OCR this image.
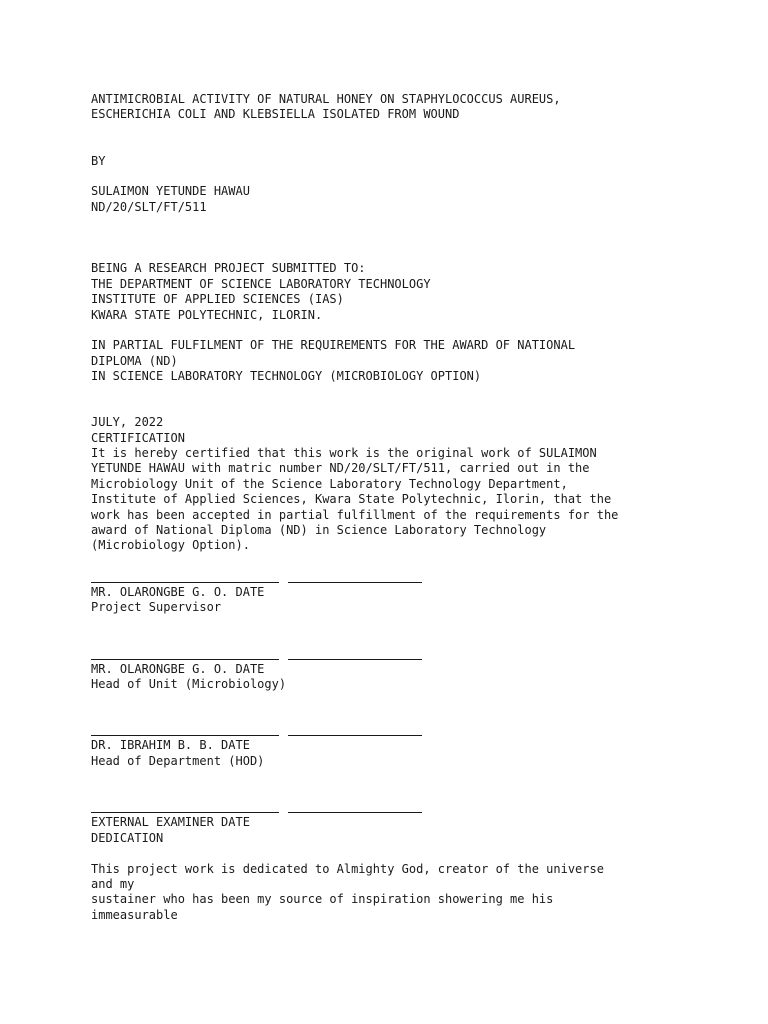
ANTIMICROBIAL ACTIVITY OF NATURAL HONEY ON STAPHYLOCOCCUS AUREUS,
ESCHERICHIA COLI AND KLEBSIELLA ISOLATED FROM WOUND
BY
SULAIMON YETUNDE HAWAU
ND/20/SLT/FT/511
BEING A RESEARCH PROJECT SUBMITTED TO:
THE DEPARTMENT OF SCIENCE LABORATORY TECHNOLOGY
INSTITUTE OF APPLIED SCIENCES (IAS)
KWARA STATE POLYTECHNIC, ILORIN.
IN PARTIAL FULFILMENT OF THE REQUIREMENTS FOR THE AWARD OF NATIONAL
DIPLOMA (ND)
IN SCIENCE LABORATORY TECHNOLOGY (MICROBIOLOGY OPTION)
JULY, 2022
CERTIFICATION
It is hereby certified that this work is the original work of SULAIMON
YETUNDE HAWAU with matric number ND/20/SLT/FT/511, carried out in the
Microbiology Unit of the Science Laboratory Technology Department,
Institute of Applied Sciences, Kwara State Polytechnic, Ilorin, that the
work has been accepted in partial fulfillment of the requirements for the
award of National Diploma (ND) in Science Laboratory Technology
(Microbiology Option).
MR. OLARONGBE G. O. DATE
Project Supervisor
MR. OLARONGBE G. O. DATE
Head of Unit (Microbiology)
DR. IBRAHIM B. B. DATE
Head of Department (HOD)
EXTERNAL EXAMINER DATE
DEDICATION
This project work is dedicated to Almighty God, creator of the universe
and my
sustainer who has been my source of inspiration showering me his
immeasurable
